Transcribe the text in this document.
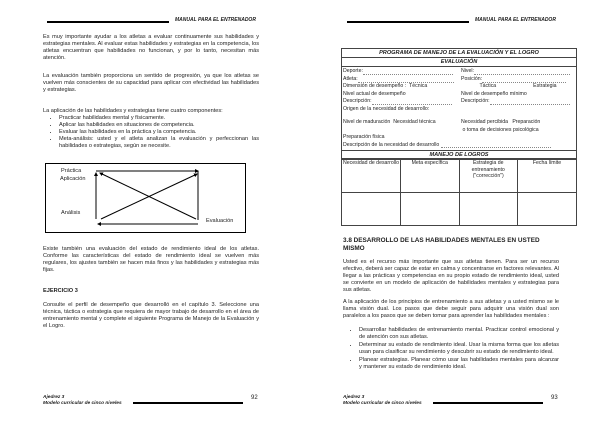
MANUAL PARA EL ENTRENADOR
Es muy importante ayudar a los atletas a evaluar continuamente sus habilidades y estrategias mentales. Al evaluar estas habilidades y estrategias en la competencia, los atletas encuentran que habilidades no funcionan, y por lo tanto, necesitan más atención.
La evaluación también proporciona un sentido de progresión, ya que los atletas se vuelven más conscientes de su capacidad para aplicar con efectividad las habilidades y estrategias.
La aplicación de las habilidades y estrategias tiene cuatro componentes:
• Practicar habilidades mental y físicamente.
• Aplicar las habilidades en situaciones de competencia.
• Evaluar las habilidades en la práctica y la competencia.
• Meta-análisis: usted y el atleta analizan la evaluación y perfeccionan las habilidades o estrategias, según se necesite.
Práctica
Aplicación
Análisis
Evaluación
Existe también una evaluación del estado de rendimiento ideal de los atletas. Conforme las características del estado de rendimiento ideal se vuelven más regulares, los ajustes también se hacen más finos y las habilidades y estrategias más fijas.
EJERCICIO 3
Consulte el perfil de desempeño que desarrolló en el capítulo 3. Seleccione una técnica, táctica o estrategia que requiera de mayor trabajo de desarrollo en el área de entrenamiento mental y complete el siguiente Programa de Manejo de la Evaluación y el Logro.
Ajedrez 3
Modelo curricular de cinco niveles
92
MANUAL PARA EL ENTRENADOR
PROGRAMA DE MANEJO DE LA EVALUACIÓN Y EL LOGRO
EVALUACIÓN
Deporte:	Nivel:
Atleta:	Posición:
Dimensión de desempeño : Técnica	Táctica	Estrategia
Nivel actual de desempeño	Nivel de desempeño mínimo
Descripción:	Descripción:
Origen de la necesidad de desarrollo:
Nivel de maduración Necesidad técnica	Necesidad percibida Preparación
o toma de decisiones psicológica
Preparación física
Descripción de la necesidad de desarrollo
MANEJO DE LOGROS
Necesidad de desarrollo	Meta específica	Estrategia de entrenamiento ("corrección")	Fecha límite

3.8 DESARROLLO DE LAS HABILIDADES MENTALES EN USTED MISMO
Usted es el recurso más importante que sus atletas tienen. Para ser un recurso efectivo, deberá ser capaz de estar en calma y concentrarse en factores relevantes. Al llegar a las prácticas y competencias en su propio estado de rendimiento ideal, usted se convierte en un modelo de aplicación de habilidades mentales y estrategias para sus atletas.
A la aplicación de los principios de entrenamiento a sus atletas y a usted mismo se le llama visión dual. Los pasos que debe seguir para adquirir una visión dual son paralelos a los pasos que se deben tomar para aprender las habilidades mentales :
• Desarrollar habilidades de entrenamiento mental. Practicar control emocional y de atención con sus atletas.
• Determinar su estado de rendimiento ideal. Usar la misma forma que los atletas usan para clasificar su rendimiento y descubrir su estado de rendimiento ideal.
• Planear estrategias. Planear cómo usar las habilidades mentales para alcanzar y mantener su estado de rendimiento ideal.
Ajedrez 3
Modelo curricular de cinco niveles
93
